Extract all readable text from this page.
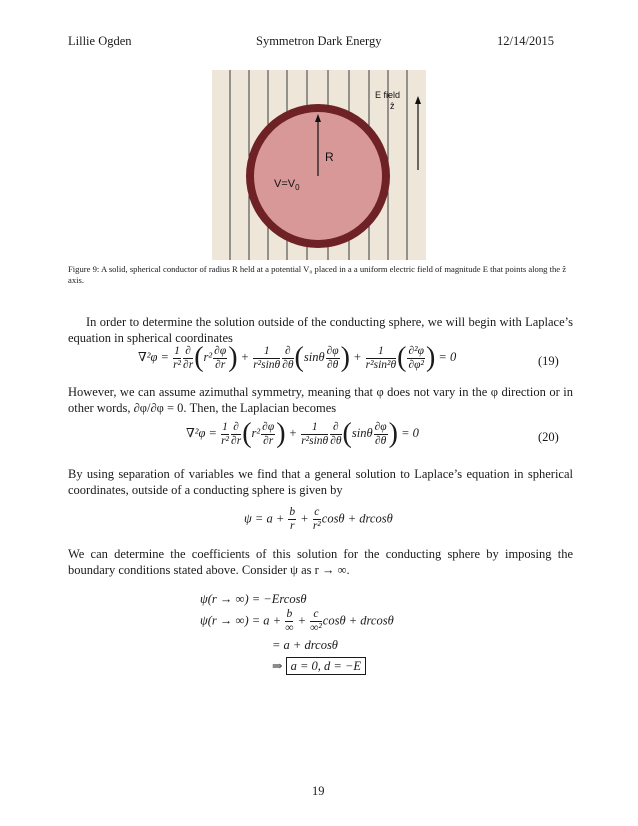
Lillie Ogden	Symmetron Dark Energy	12/14/2015
E field
ẑ
R
$V=V_0$
Figure 9: A solid, spherical conductor of radius R held at a potential V₀ placed in a a uniform electric field of magnitude E that points along the ẑ axis.
In order to determine the solution outside of the conducting sphere, we will begin with Laplace’s equation in spherical coordinates
$\nabla^2\varphi = \frac{1}{\text{r²}} \frac{\partial}{\partial r} (r^2 \frac{\partial\varphi}{\partial r}$ ) + $\frac{1}{\text{r²sinθ}} \frac{\partial}{\partial\theta} (\sin\theta \frac{\partial\varphi}{\partial\theta}$ ) + $\frac{1}{\text{r²sin²θ}}$ ( $\frac{\text{∂²φ}}{\text{∂φ²}}$ ) = 0	(19)
However, we can assume azimuthal symmetry, meaning that φ does not vary in the φ direction or in other words, ∂φ/∂φ = 0. Then, the Laplacian becomes
$\nabla^2\varphi = \frac{1}{\text{r²}} \frac{\partial}{\partial r} (r^2 \frac{\partial\varphi}{\partial r}$ ) + $\frac{1}{\text{r²sinθ}} \frac{\partial}{\partial\theta} (\sin\theta \frac{\partial\varphi}{\partial\theta}$ ) = 0	(20)
By using separation of variables we find that a general solution to Laplace’s equation in spherical coordinates, outside of a conducting sphere is given by
$\psi = a + \frac{b}{r} + \frac{c}{\text{r²}}$ cosθ + drcosθ
We can determine the coefficients of this solution for the conducting sphere by imposing the boundary conditions stated above. Consider ψ as r → ∞.
ψ(r → ∞) = −Ercosθ
ψ(r → ∞) = $a + \frac{b}{\infty} + \frac{c}{\text{∞²}}$ cosθ + drcosθ
= a + drcosθ
⇒ a = 0, d = −E
19
